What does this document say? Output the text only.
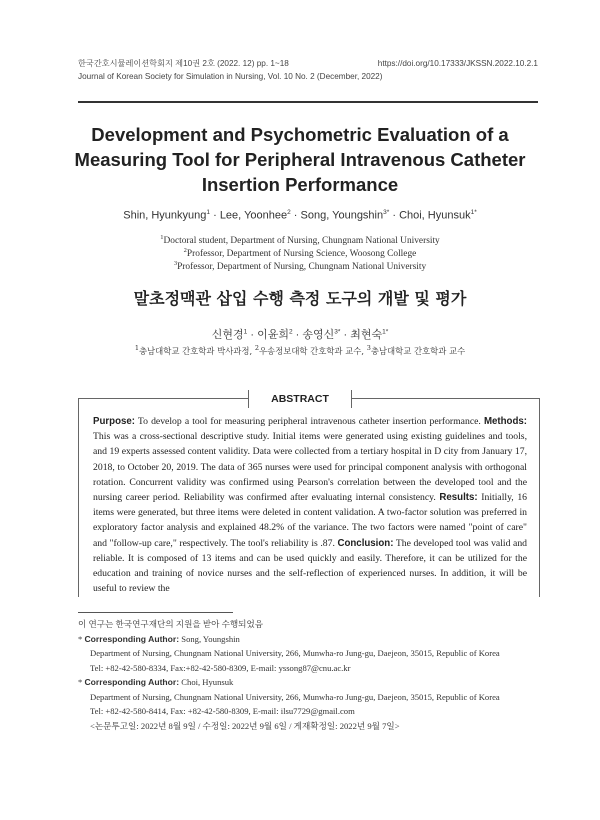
한국간호시뮬레이션학회지 제10권 2호 (2022. 12) pp. 1~18	https://doi.org/10.17333/JKSSN.2022.10.2.1
Journal of Korean Society for Simulation in Nursing, Vol. 10 No. 2 (December, 2022)
Development and Psychometric Evaluation of a Measuring Tool for Peripheral Intravenous Catheter Insertion Performance
Shin, Hyunkyung$^1$ · Lee, Yoonhee$^2$ · Song, Youngshin$^{3*}$ · Choi, Hyunsuk$^{1*}$
$^1$Doctoral student, Department of Nursing, Chungnam National University
$^2$Professor, Department of Nursing Science, Woosong College
$^3$Professor, Department of Nursing, Chungnam National University
말초정맥관 삽입 수행 측정 도구의 개발 및 평가
신현경$^1$ · 이윤희$^2$ · 송영신$^{3*}$ · 최현숙$^{1*}$
$^1$충남대학교 간호학과 박사과정, $^2$우송정보대학 간호학과 교수, $^3$충남대학교 간호학과 교수
ABSTRACT
Purpose: To develop a tool for measuring peripheral intravenous catheter insertion performance. Methods: This was a cross-sectional descriptive study. Initial items were generated using existing guidelines and tools, and 19 experts assessed content validity. Data were collected from a tertiary hospital in D city from January 17, 2018, to October 20, 2019. The data of 365 nurses were used for principal component analysis with orthogonal rotation. Concurrent validity was confirmed using Pearson's correlation between the developed tool and the nursing career period. Reliability was confirmed after evaluating internal consistency. Results: Initially, 16 items were generated, but three items were deleted in content validation. A two-factor solution was preferred in exploratory factor analysis and explained 48.2% of the variance. The two factors were named "point of care" and "follow-up care," respectively. The tool's reliability is .87. Conclusion: The developed tool was valid and reliable. It is composed of 13 items and can be used quickly and easily. Therefore, it can be utilized for the education and training of novice nurses and the self-reflection of experienced nurses. In addition, it will be useful to review the
이 연구는 한국연구재단의 지원을 받아 수행되었음
* Corresponding Author: Song, Youngshin
Department of Nursing, Chungnam National University, 266, Munwha-ro Jung-gu, Daejeon, 35015, Republic of Korea
Tel: +82-42-580-8334, Fax:+82-42-580-8309, E-mail: yssong87@cnu.ac.kr
* Corresponding Author: Choi, Hyunsuk
Department of Nursing, Chungnam National University, 266, Munwha-ro Jung-gu, Daejeon, 35015, Republic of Korea
Tel: +82-42-580-8414, Fax: +82-42-580-8309, E-mail: ilsu7729@gmail.com
<논문투고일: 2022년 8월 9일 / 수정일: 2022년 9월 6일 / 게재확정일: 2022년 9월 7일>
